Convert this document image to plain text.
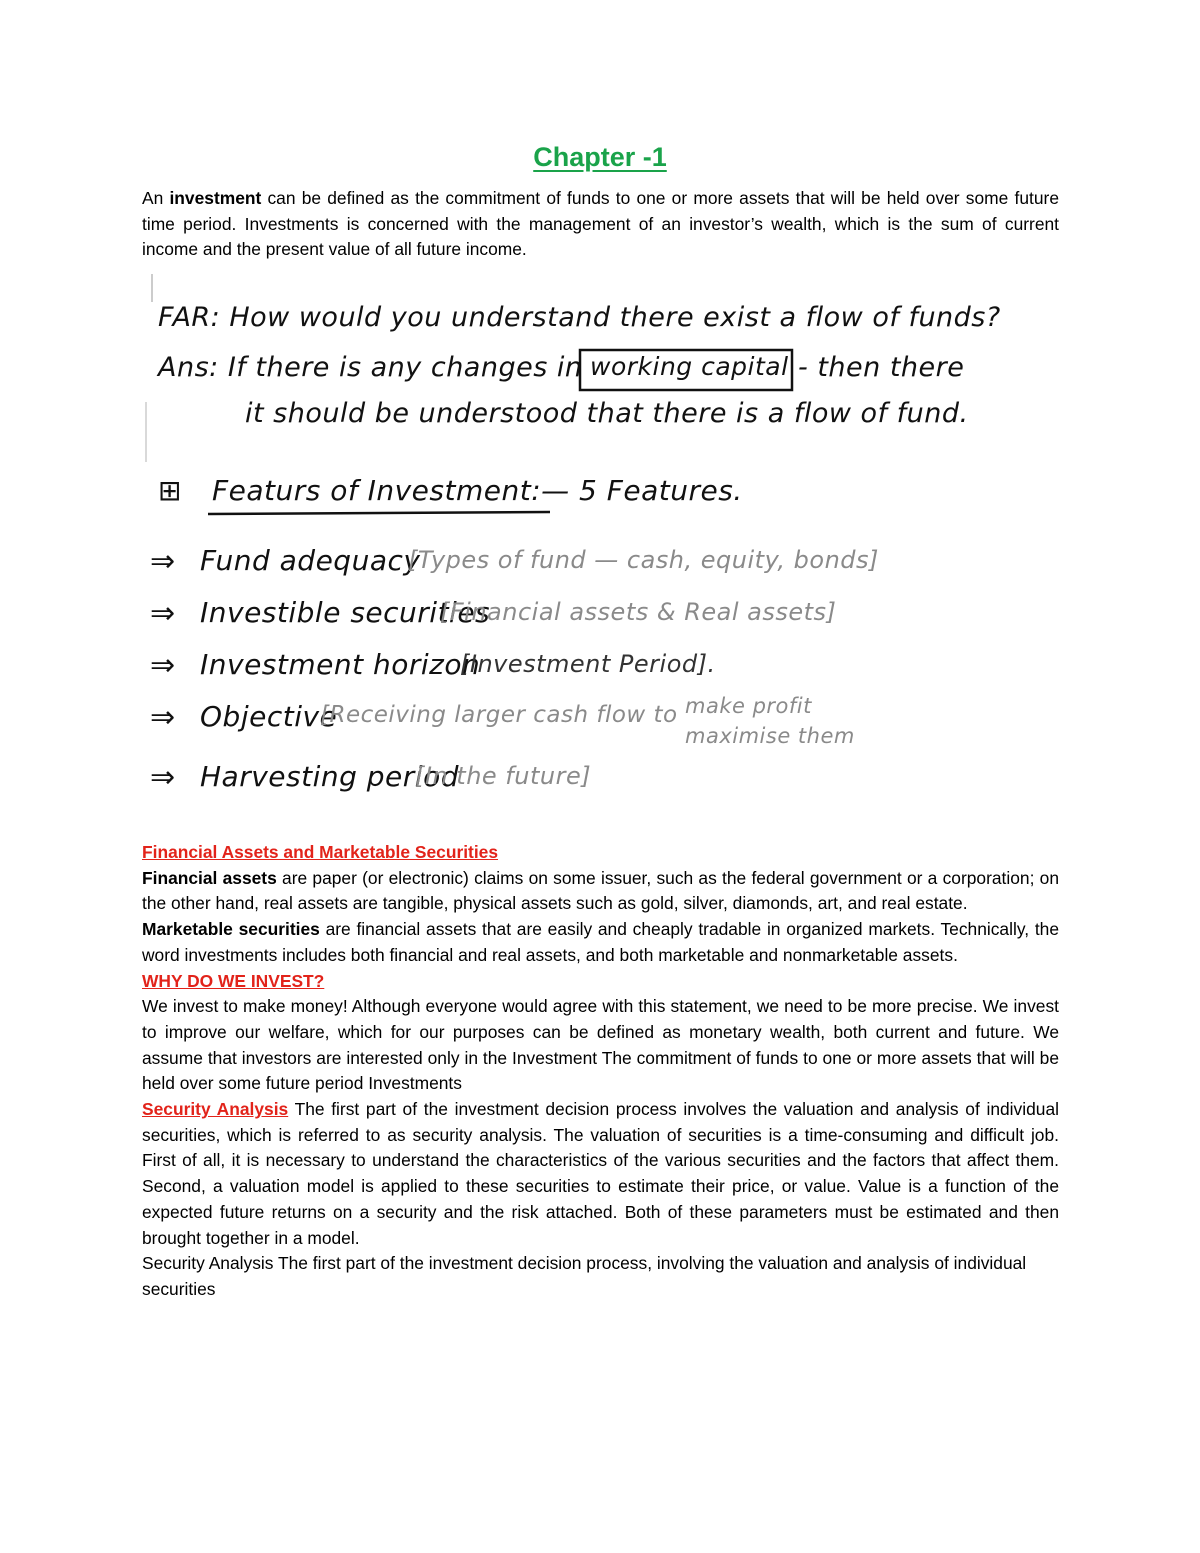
Chapter -1

An investment can be defined as the commitment of funds to one or more assets that will be held over some future time period. Investments is concerned with the management of an investor’s wealth, which is the sum of current income and the present value of all future income.

FAR: How would you understand there exist a flow of funds?
Ans: If there is any changes in working capital - then there
it should be understood that there is a flow of fund.
⊞ Featurs of Investment:— 5 Features.
⇒ Fund adequacy
[Types of fund — cash, equity, bonds]
⇒ Investible securities
[Financial assets & Real assets]
⇒ Investment horizon
[Investment Period].
⇒ Objective
[Receiving larger cash flow to make profit
maximise them
⇒ Harvesting period
[In the future]

Financial Assets and Marketable Securities

Financial assets are paper (or electronic) claims on some issuer, such as the federal government or a corporation; on the other hand, real assets are tangible, physical assets such as gold, silver, diamonds, art, and real estate.

Marketable securities are financial assets that are easily and cheaply tradable in organized markets. Technically, the word investments includes both financial and real assets, and both marketable and nonmarketable assets.

WHY DO WE INVEST?

We invest to make money! Although everyone would agree with this statement, we need to be more precise. We invest to improve our welfare, which for our purposes can be defined as monetary wealth, both current and future. We assume that investors are interested only in the Investment The commitment of funds to one or more assets that will be held over some future period Investments

Security Analysis The first part of the investment decision process involves the valuation and analysis of individual securities, which is referred to as security analysis. The valuation of securities is a time-consuming and difficult job. First of all, it is necessary to understand the characteristics of the various securities and the factors that affect them. Second, a valuation model is applied to these securities to estimate their price, or value. Value is a function of the expected future returns on a security and the risk attached. Both of these parameters must be estimated and then brought together in a model.

Security Analysis The first part of the investment decision process, involving the valuation and analysis of individual securities
